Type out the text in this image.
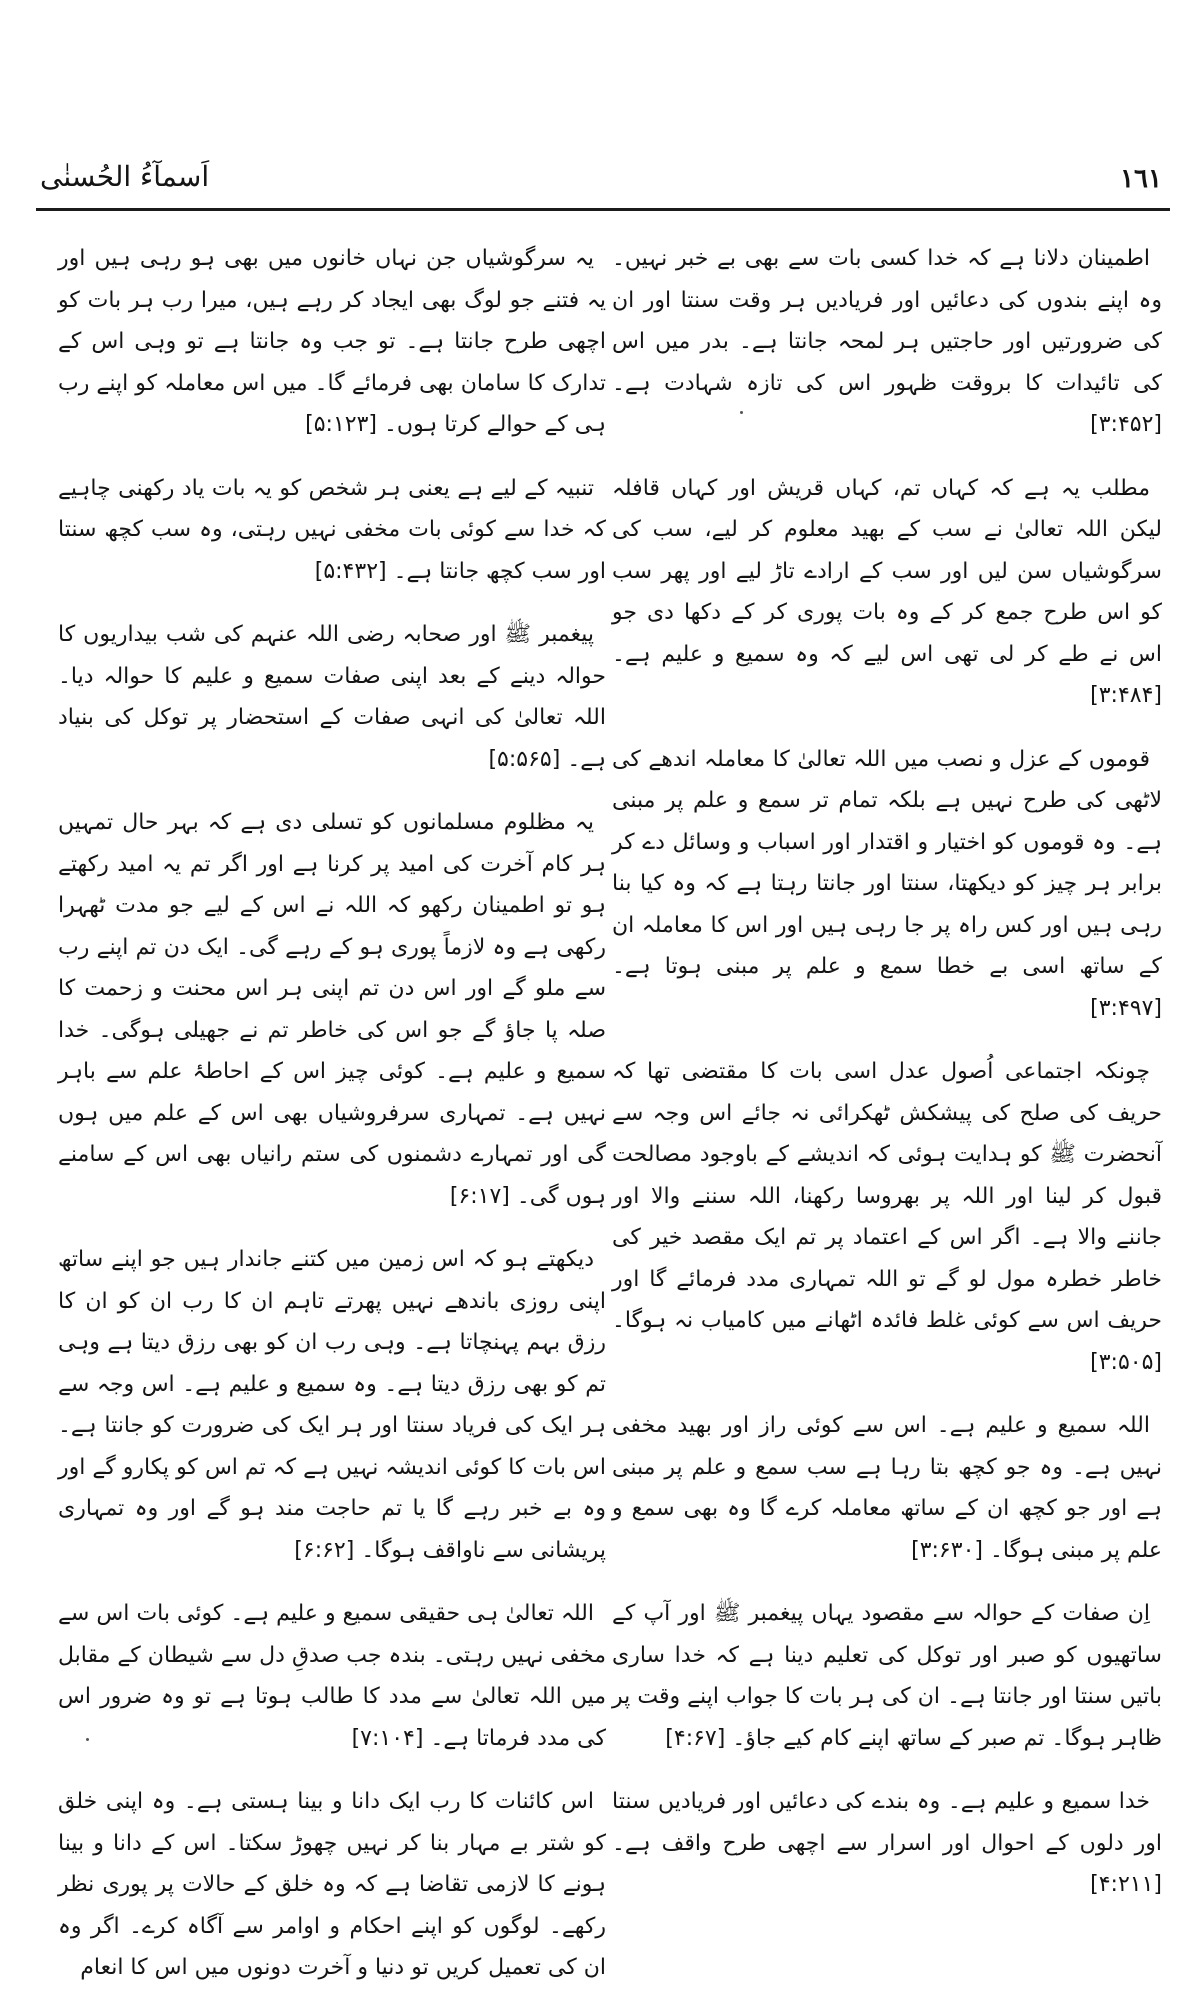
١٦١
اَسمآءُ الحُسنٰی

اطمینان دلانا ہے کہ خدا کسی بات سے بھی بے خبر نہیں۔ وہ اپنے بندوں کی دعائیں اور فریادیں ہر وقت سنتا اور ان کی ضرورتیں اور حاجتیں ہر لمحہ جانتا ہے۔ بدر میں اس کی تائیدات کا بروقت ظہور اس کی تازہ شہادت ہے۔ [۳:۴۵۲]

مطلب یہ ہے کہ کہاں تم، کہاں قریش اور کہاں قافلہ لیکن اللہ تعالیٰ نے سب کے بھید معلوم کر لیے، سب کی سرگوشیاں سن لیں اور سب کے ارادے تاڑ لیے اور پھر سب کو اس طرح جمع کر کے وہ بات پوری کر کے دکھا دی جو اس نے طے کر لی تھی اس لیے کہ وہ سمیع و علیم ہے۔ [۳:۴۸۴]

قوموں کے عزل و نصب میں اللہ تعالیٰ کا معاملہ اندھے کی لاٹھی کی طرح نہیں ہے بلکہ تمام تر سمع و علم پر مبنی ہے۔ وہ قوموں کو اختیار و اقتدار اور اسباب و وسائل دے کر برابر ہر چیز کو دیکھتا، سنتا اور جانتا رہتا ہے کہ وہ کیا بنا رہی ہیں اور کس راہ پر جا رہی ہیں اور اس کا معاملہ ان کے ساتھ اسی بے خطا سمع و علم پر مبنی ہوتا ہے۔ [۳:۴۹۷]

چونکہ اجتماعی اُصول عدل اسی بات کا مقتضی تھا کہ حریف کی صلح کی پیشکش ٹھکرائی نہ جائے اس وجہ سے آنحضرت ﷺ کو ہدایت ہوئی کہ اندیشے کے باوجود مصالحت قبول کر لینا اور اللہ پر بھروسا رکھنا، اللہ سننے والا اور جاننے والا ہے۔ اگر اس کے اعتماد پر تم ایک مقصد خیر کی خاطر خطرہ مول لو گے تو اللہ تمہاری مدد فرمائے گا اور حریف اس سے کوئی غلط فائدہ اٹھانے میں کامیاب نہ ہوگا۔ [۳:۵۰۵]

اللہ سمیع و علیم ہے۔ اس سے کوئی راز اور بھید مخفی نہیں ہے۔ وہ جو کچھ بتا رہا ہے سب سمع و علم پر مبنی ہے اور جو کچھ ان کے ساتھ معاملہ کرے گا وہ بھی سمع و علم پر مبنی ہوگا۔ [۳:۶۳۰]

اِن صفات کے حوالہ سے مقصود یہاں پیغمبر ﷺ اور آپ کے ساتھیوں کو صبر اور توکل کی تعلیم دینا ہے کہ خدا ساری باتیں سنتا اور جانتا ہے۔ ان کی ہر بات کا جواب اپنے وقت پر ظاہر ہوگا۔ تم صبر کے ساتھ اپنے کام کیے جاؤ۔ [۴:۶۷]

خدا سمیع و علیم ہے۔ وہ بندے کی دعائیں اور فریادیں سنتا اور دلوں کے احوال اور اسرار سے اچھی طرح واقف ہے۔ [۴:۲۱۱]

یہ سرگوشیاں جن نہاں خانوں میں بھی ہو رہی ہیں اور یہ فتنے جو لوگ بھی ایجاد کر رہے ہیں، میرا رب ہر بات کو اچھی طرح جانتا ہے۔ تو جب وہ جانتا ہے تو وہی اس کے تدارک کا سامان بھی فرمائے گا۔ میں اس معاملہ کو اپنے رب ہی کے حوالے کرتا ہوں۔ [۵:۱۲۳]

تنبیہ کے لیے ہے یعنی ہر شخص کو یہ بات یاد رکھنی چاہیے کہ خدا سے کوئی بات مخفی نہیں رہتی، وہ سب کچھ سنتا اور سب کچھ جانتا ہے۔ [۵:۴۳۲]

پیغمبر ﷺ اور صحابہ رضی اللہ عنہم کی شب بیداریوں کا حوالہ دینے کے بعد اپنی صفات سمیع و علیم کا حوالہ دیا۔ اللہ تعالیٰ کی انہی صفات کے استحضار پر توکل کی بنیاد ہے۔ [۵:۵۶۵]

یہ مظلوم مسلمانوں کو تسلی دی ہے کہ بہر حال تمہیں ہر کام آخرت کی امید پر کرنا ہے اور اگر تم یہ امید رکھتے ہو تو اطمینان رکھو کہ اللہ نے اس کے لیے جو مدت ٹھہرا رکھی ہے وہ لازماً پوری ہو کے رہے گی۔ ایک دن تم اپنے رب سے ملو گے اور اس دن تم اپنی ہر اس محنت و زحمت کا صلہ پا جاؤ گے جو اس کی خاطر تم نے جھیلی ہوگی۔ خدا سمیع و علیم ہے۔ کوئی چیز اس کے احاطۂ علم سے باہر نہیں ہے۔ تمہاری سرفروشیاں بھی اس کے علم میں ہوں گی اور تمہارے دشمنوں کی ستم رانیاں بھی اس کے سامنے ہوں گی۔ [۶:۱۷]

دیکھتے ہو کہ اس زمین میں کتنے جاندار ہیں جو اپنے ساتھ اپنی روزی باندھے نہیں پھرتے تاہم ان کا رب ان کو ان کا رزق بہم پہنچاتا ہے۔ وہی رب ان کو بھی رزق دیتا ہے وہی تم کو بھی رزق دیتا ہے۔ وہ سمیع و علیم ہے۔ اس وجہ سے ہر ایک کی فریاد سنتا اور ہر ایک کی ضرورت کو جانتا ہے۔ اس بات کا کوئی اندیشہ نہیں ہے کہ تم اس کو پکارو گے اور وہ بے خبر رہے گا یا تم حاجت مند ہو گے اور وہ تمہاری پریشانی سے ناواقف ہوگا۔ [۶:۶۲]

اللہ تعالیٰ ہی حقیقی سمیع و علیم ہے۔ کوئی بات اس سے مخفی نہیں رہتی۔ بندہ جب صدقِ دل سے شیطان کے مقابل میں اللہ تعالیٰ سے مدد کا طالب ہوتا ہے تو وہ ضرور اس کی مدد فرماتا ہے۔ [۷:۱۰۴]

اس کائنات کا رب ایک دانا و بینا ہستی ہے۔ وہ اپنی خلق کو شتر بے مہار بنا کر نہیں چھوڑ سکتا۔ اس کے دانا و بینا ہونے کا لازمی تقاضا ہے کہ وہ خلق کے حالات پر پوری نظر رکھے۔ لوگوں کو اپنے احکام و اوامر سے آگاہ کرے۔ اگر وہ ان کی تعمیل کریں تو دنیا و آخرت دونوں میں اس کا انعام
